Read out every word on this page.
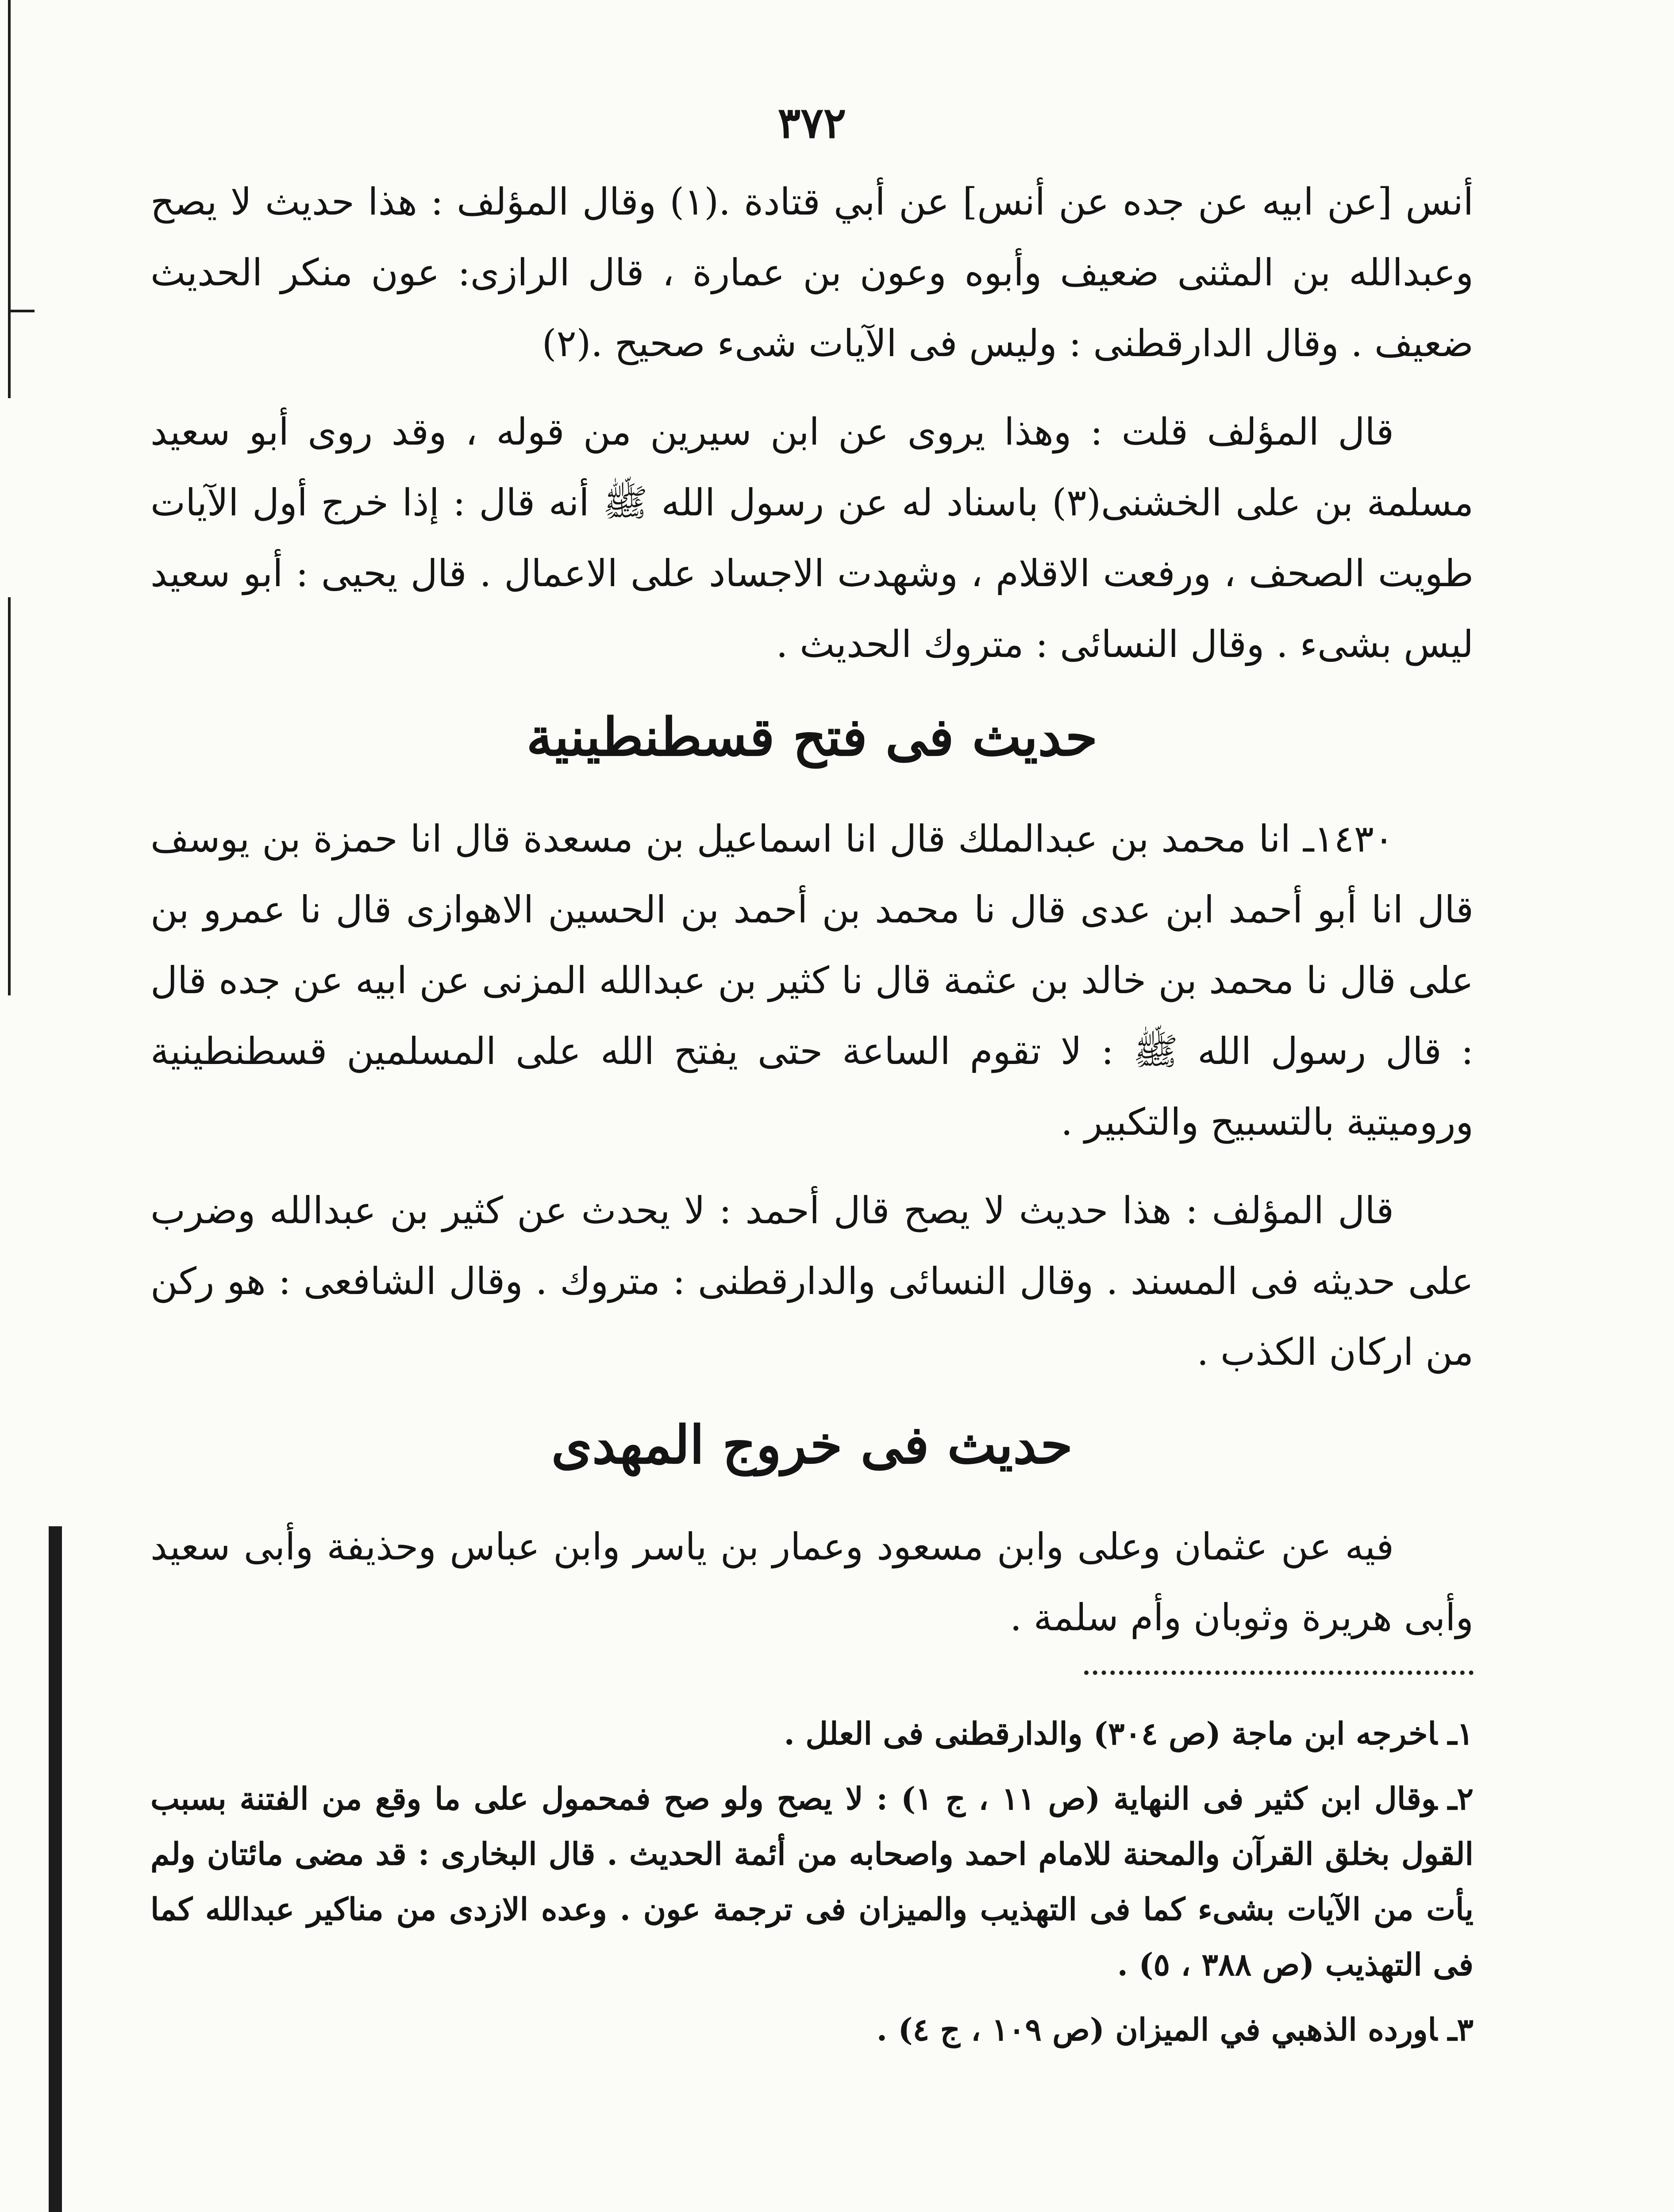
٣٧٢

أنس [عن ابيه عن جده عن أنس] عن أبي قتادة .(١) وقال المؤلف : هذا حديث لا يصح وعبدالله بن المثنى ضعيف وأبوه وعون بن عمارة ، قال الرازى: عون منكر الحديث ضعيف . وقال الدارقطنى : وليس فى الآيات شىء صحيح .(٢)

قال المؤلف قلت : وهذا يروى عن ابن سيرين من قوله ، وقد روى أبو سعيد مسلمة بن على الخشنى(٣) باسناد له عن رسول الله ﷺ أنه قال : إذا خرج أول الآيات طويت الصحف ، ورفعت الاقلام ، وشهدت الاجساد على الاعمال . قال يحيى : أبو سعيد ليس بشىء . وقال النسائى : متروك الحديث .

حديث فى فتح قسطنطينية

١٤٣٠ـ انا محمد بن عبدالملك قال انا اسماعيل بن مسعدة قال انا حمزة بن يوسف قال انا أبو أحمد ابن عدى قال نا محمد بن أحمد بن الحسين الاهوازى قال نا عمرو بن على قال نا محمد بن خالد بن عثمة قال نا كثير بن عبدالله المزنى عن ابيه عن جده قال : قال رسول الله ﷺ : لا تقوم الساعة حتى يفتح الله على المسلمين قسطنطينية وروميتية بالتسبيح والتكبير .

قال المؤلف : هذا حديث لا يصح قال أحمد : لا يحدث عن كثير بن عبدالله وضرب على حديثه فى المسند . وقال النسائى والدارقطنى : متروك . وقال الشافعى : هو ركن من اركان الكذب .

حديث فى خروج المهدى

فيه عن عثمان وعلى وابن مسعود وعمار بن ياسر وابن عباس وحذيفة وأبى سعيد وأبى هريرة وثوبان وأم سلمة .

١ـاخرجه ابن ماجة (ص ٣٠٤) والدارقطنى فى العلل .

٢ـوقال ابن كثير فى النهاية (ص ١١ ، ج ١) : لا يصح ولو صح فمحمول على ما وقع من الفتنة بسبب القول بخلق القرآن والمحنة للامام احمد واصحابه من أئمة الحديث . قال البخارى : قد مضى مائتان ولم يأت من الآيات بشىء كما فى التهذيب والميزان فى ترجمة عون . وعده الازدى من مناكير عبدالله كما فى التهذيب (ص ٣٨٨ ، ٥) .

٣ـاورده الذهبي في الميزان (ص ١٠٩ ، ج ٤) .
